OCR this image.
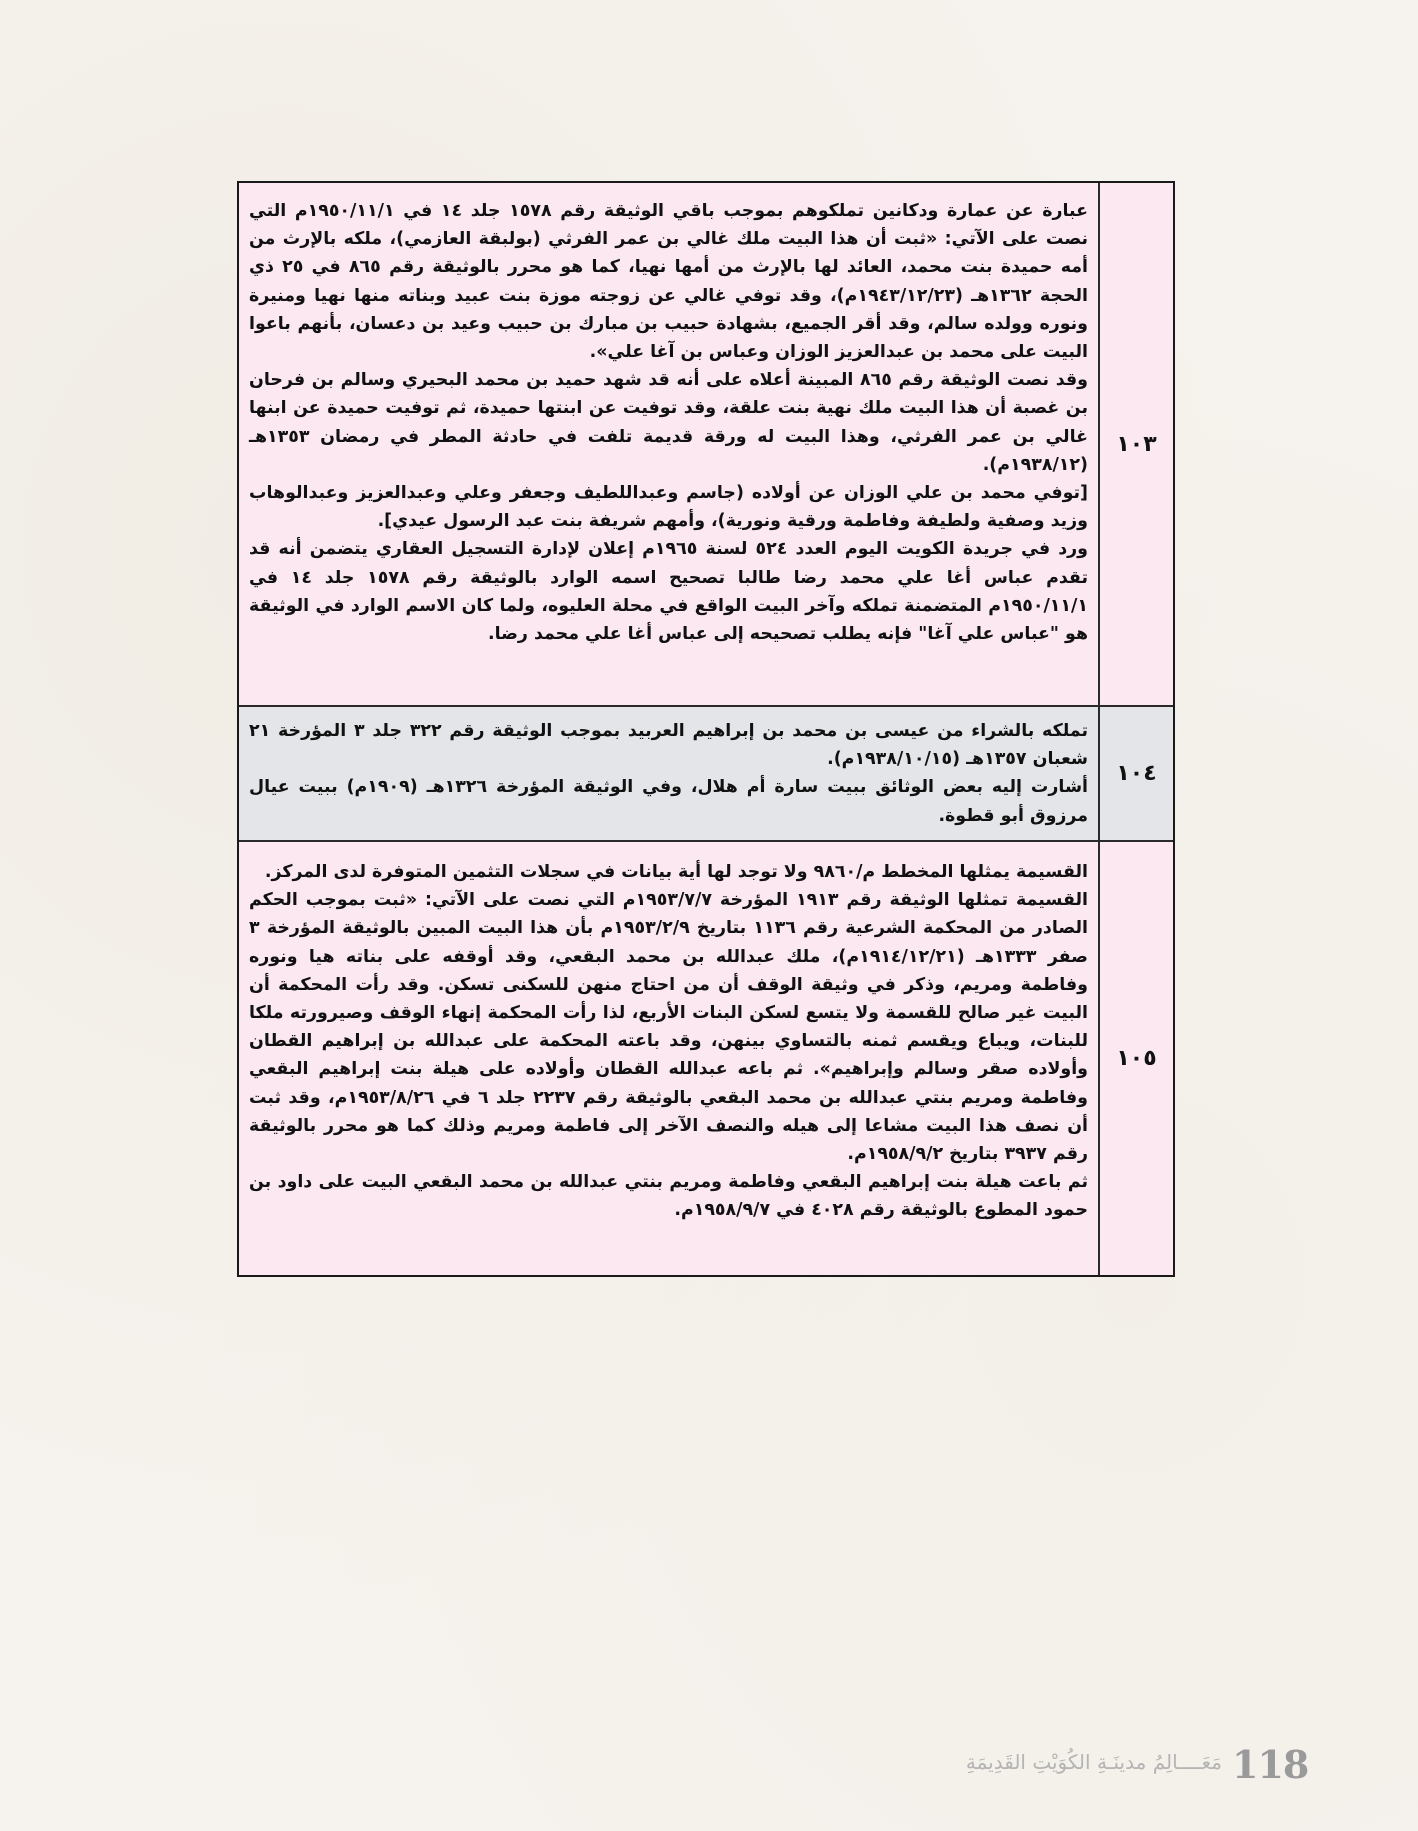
١٠٣

عبارة عن عمارة ودكانين تملكوهم بموجب باقي الوثيقة رقم ١٥٧٨ جلد ١٤ في ١٩٥٠/١١/١م التي نصت على الآتي: «ثبت أن هذا البيت ملك غالي بن عمر الفرثي (بولبقة العازمي)، ملكه بالإرث من أمه حميدة بنت محمد، العائد لها بالإرث من أمها نهيا، كما هو محرر بالوثيقة رقم ٨٦٥ في ٢٥ ذي الحجة ١٣٦٢هـ (١٩٤٣/١٢/٢٣م)، وقد توفي غالي عن زوجته موزة بنت عبيد وبناته منها نهيا ومنيرة ونوره وولده سالم، وقد أقر الجميع، بشهادة حبيب بن مبارك بن حبيب وعيد بن دعسان، بأنهم باعوا البيت على محمد بن عبدالعزيز الوزان وعباس بن آغا علي».

وقد نصت الوثيقة رقم ٨٦٥ المبينة أعلاه على أنه قد شهد حميد بن محمد البحيري وسالم بن فرحان بن غصبة أن هذا البيت ملك نهية بنت علقة، وقد توفيت عن ابنتها حميدة، ثم توفيت حميدة عن ابنها غالي بن عمر الفرثي، وهذا البيت له ورقة قديمة تلفت في حادثة المطر في رمضان ١٣٥٣هـ (١٩٣٨/١٢م).

[توفي محمد بن علي الوزان عن أولاده (جاسم وعبداللطيف وجعفر وعلي وعبدالعزيز وعبدالوهاب وزيد وصفية ولطيفة وفاطمة ورقية ونورية)، وأمهم شريفة بنت عبد الرسول عيدي].

ورد في جريدة الكويت اليوم العدد ٥٢٤ لسنة ١٩٦٥م إعلان لإدارة التسجيل العقاري يتضمن أنه قد تقدم عباس أغا علي محمد رضا طالبا تصحيح اسمه الوارد بالوثيقة رقم ١٥٧٨ جلد ١٤ في ١٩٥٠/١١/١م المتضمنة تملكه وآخر البيت الواقع في محلة العليوه، ولما كان الاسم الوارد في الوثيقة هو "عباس علي آغا" فإنه يطلب تصحيحه إلى عباس أغا علي محمد رضا.

١٠٤

تملكه بالشراء من عيسى بن محمد بن إبراهيم العربيد بموجب الوثيقة رقم ٣٢٢ جلد ٣ المؤرخة ٢١ شعبان ١٣٥٧هـ (١٩٣٨/١٠/١٥م).

أشارت إليه بعض الوثائق ببيت سارة أم هلال، وفي الوثيقة المؤرخة ١٣٢٦هـ (١٩٠٩م) ببيت عيال مرزوق أبو قطوة.

١٠٥

القسيمة يمثلها المخطط م/٩٨٦٠ ولا توجد لها أية بيانات في سجلات التثمين المتوفرة لدى المركز.

القسيمة تمثلها الوثيقة رقم ١٩١٣ المؤرخة ١٩٥٣/٧/٧م التي نصت على الآتي: «ثبت بموجب الحكم الصادر من المحكمة الشرعية رقم ١١٣٦ بتاريخ ١٩٥٣/٢/٩م بأن هذا البيت المبين بالوثيقة المؤرخة ٣ صفر ١٣٣٣هـ (١٩١٤/١٢/٢١م)، ملك عبدالله بن محمد البقعي، وقد أوقفه على بناته هيا ونوره وفاطمة ومريم، وذكر في وثيقة الوقف أن من احتاج منهن للسكنى تسكن. وقد رأت المحكمة أن البيت غير صالح للقسمة ولا يتسع لسكن البنات الأربع، لذا رأت المحكمة إنهاء الوقف وصيرورته ملكا للبنات، ويباع ويقسم ثمنه بالتساوي بينهن، وقد باعته المحكمة على عبدالله بن إبراهيم القطان وأولاده صقر وسالم وإبراهيم». ثم باعه عبدالله القطان وأولاده على هيلة بنت إبراهيم البقعي وفاطمة ومريم بنتي عبدالله بن محمد البقعي بالوثيقة رقم ٢٢٣٧ جلد ٦ في ١٩٥٣/٨/٢٦م، وقد ثبت أن نصف هذا البيت مشاعا إلى هيله والنصف الآخر إلى فاطمة ومريم وذلك كما هو محرر بالوثيقة رقم ٣٩٣٧ بتاريخ ١٩٥٨/٩/٢م.

ثم باعت هيلة بنت إبراهيم البقعي وفاطمة ومريم بنتي عبدالله بن محمد البقعي البيت على داود بن حمود المطوع بالوثيقة رقم ٤٠٢٨ في ١٩٥٨/٩/٧م.

مَعَــــالِمُ مدينَـةِ الكُوَيْتِ القَدِيمَةِ 118
